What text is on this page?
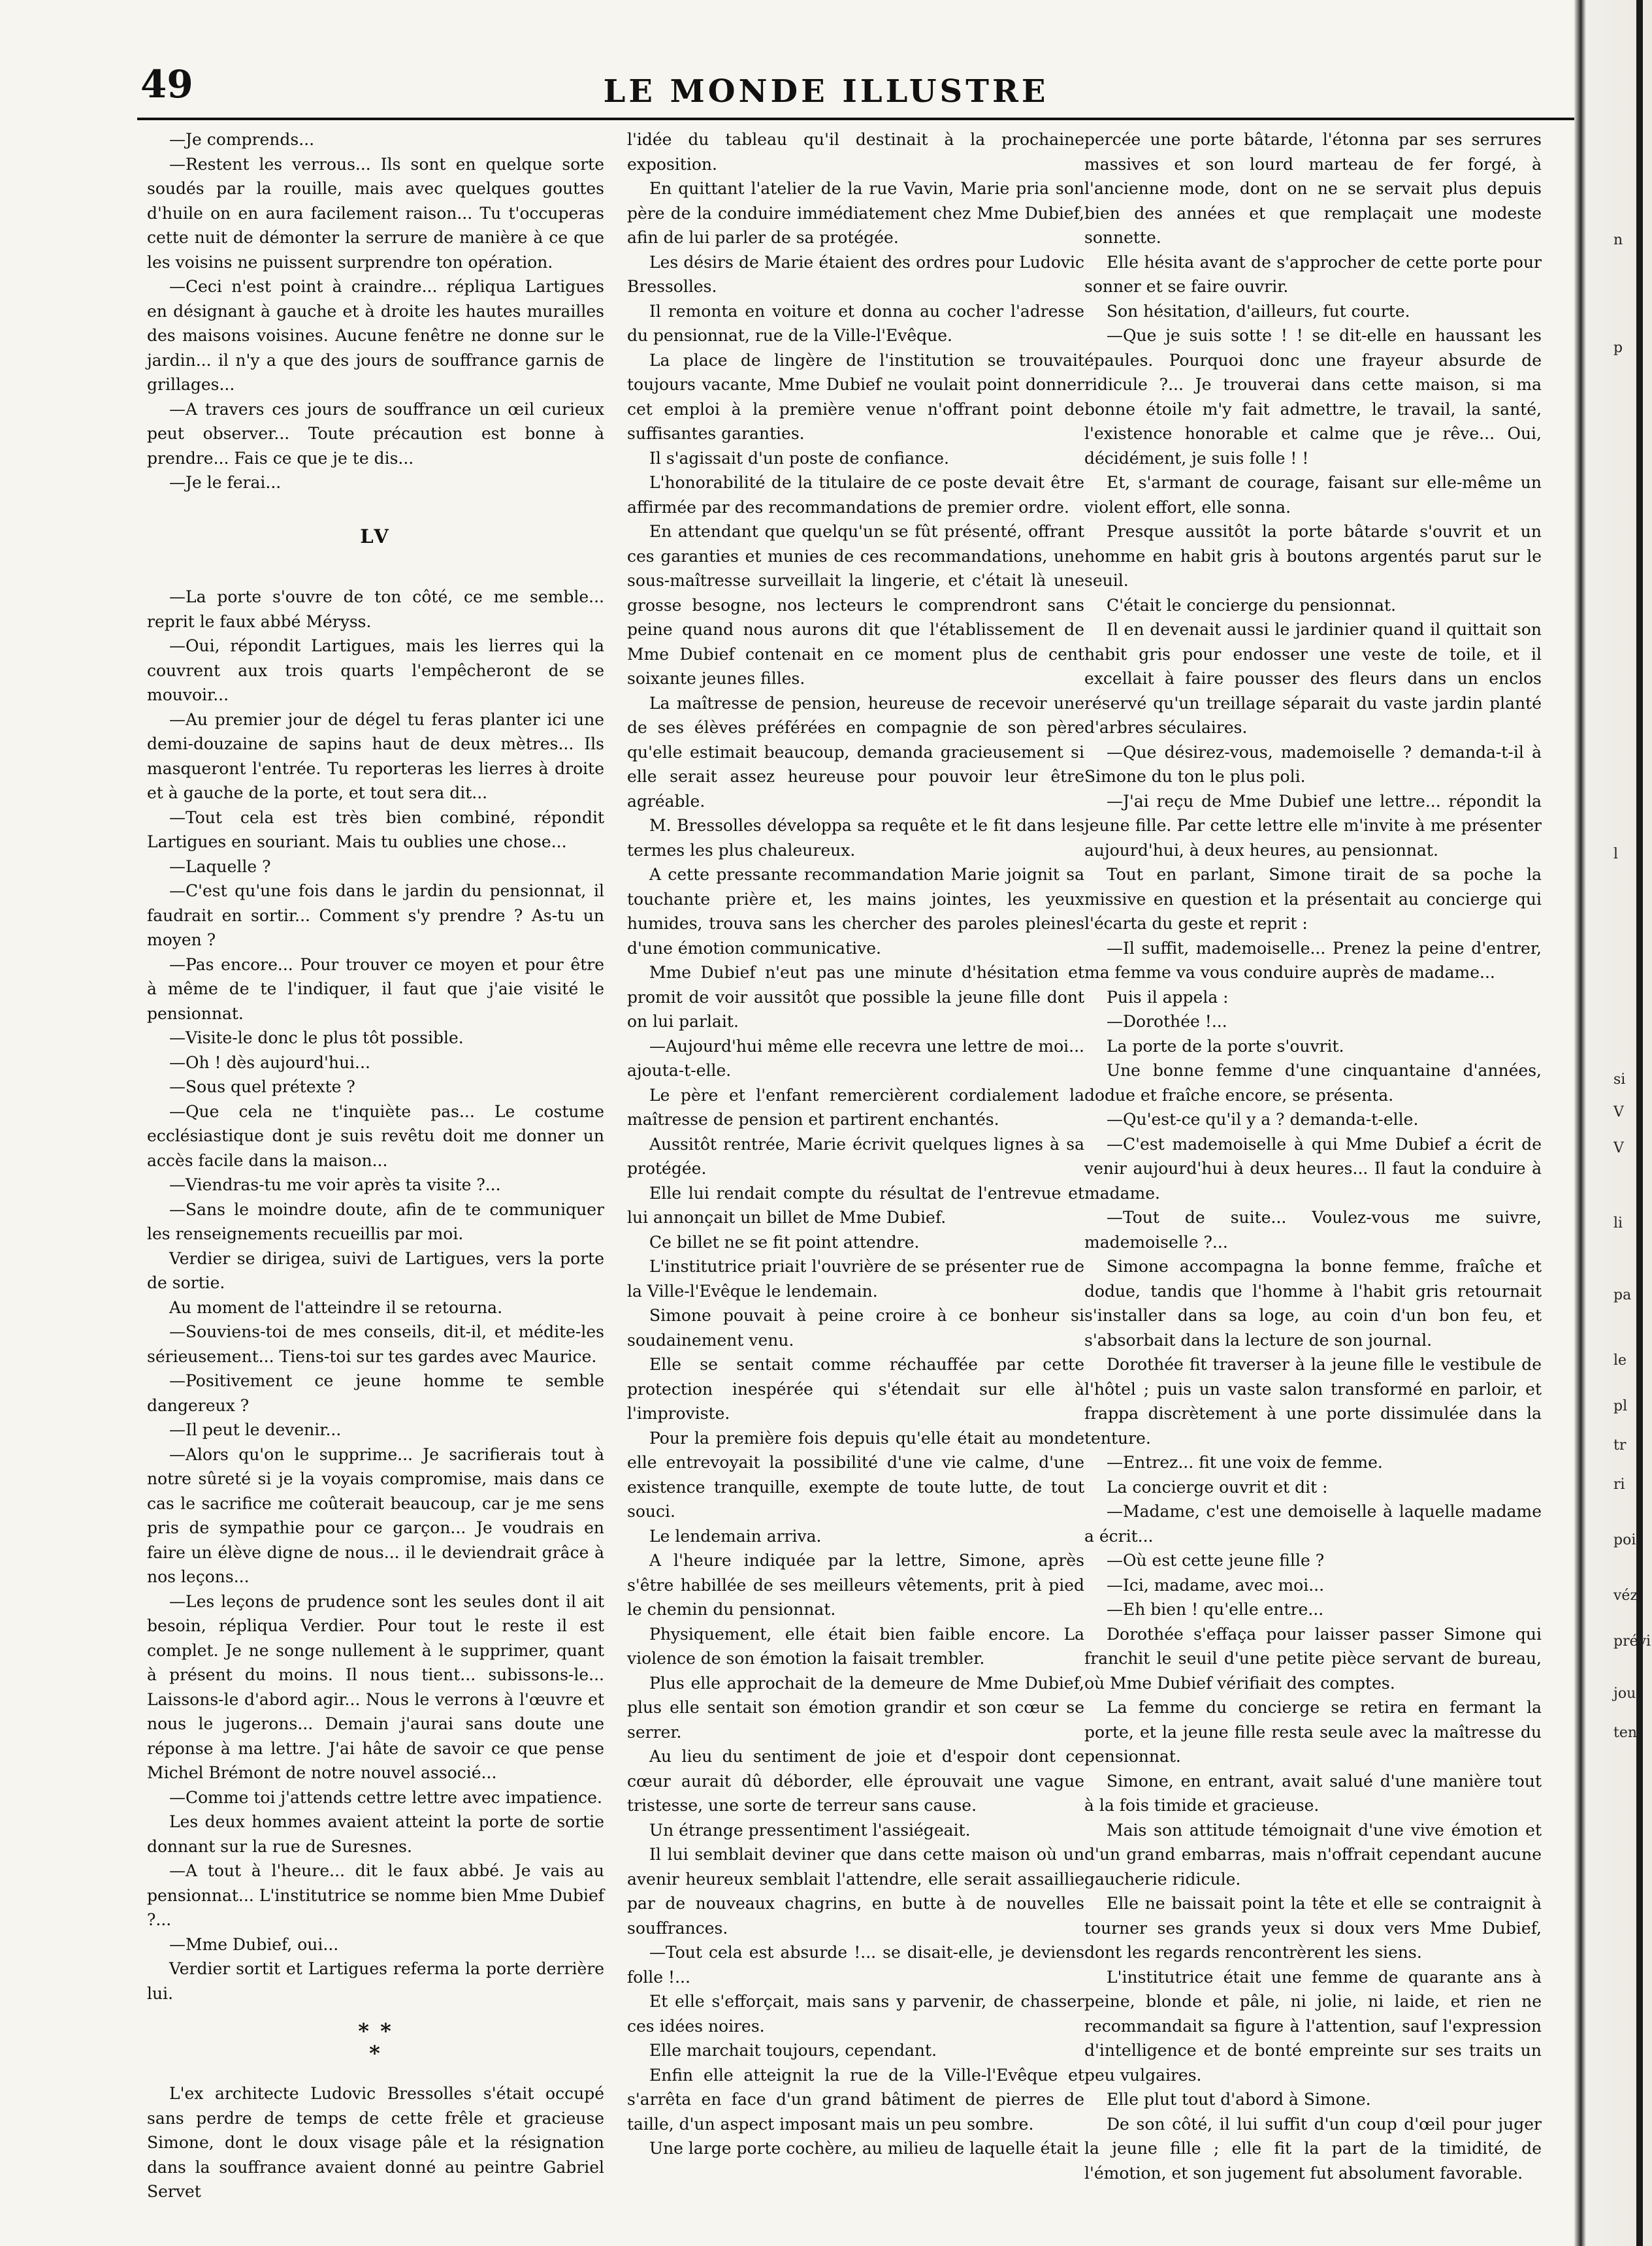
49	LE MONDE ILLUSTRE

—Je comprends...

—Restent les verrous... Ils sont en quelque sorte soudés par la rouille, mais avec quelques gouttes d'huile on en aura facilement raison... Tu t'occuperas cette nuit de démonter la serrure de manière à ce que les voisins ne puissent surprendre ton opération.

—Ceci n'est point à craindre... répliqua Lartigues en désignant à gauche et à droite les hautes murailles des maisons voisines. Aucune fenêtre ne donne sur le jardin... il n'y a que des jours de souffrance garnis de grillages...

—A travers ces jours de souffrance un œil curieux peut observer... Toute précaution est bonne à prendre... Fais ce que je te dis...

—Je le ferai...

LV

—La porte s'ouvre de ton côté, ce me semble... reprit le faux abbé Méryss.

—Oui, répondit Lartigues, mais les lierres qui la couvrent aux trois quarts l'empêcheront de se mouvoir...

—Au premier jour de dégel tu feras planter ici une demi-douzaine de sapins haut de deux mètres... Ils masqueront l'entrée. Tu reporteras les lierres à droite et à gauche de la porte, et tout sera dit...

—Tout cela est très bien combiné, répondit Lartigues en souriant. Mais tu oublies une chose...

—Laquelle ?

—C'est qu'une fois dans le jardin du pensionnat, il faudrait en sortir... Comment s'y prendre ? As-tu un moyen ?

—Pas encore... Pour trouver ce moyen et pour être à même de te l'indiquer, il faut que j'aie visité le pensionnat.

—Visite-le donc le plus tôt possible.

—Oh ! dès aujourd'hui...

—Sous quel prétexte ?

—Que cela ne t'inquiète pas... Le costume ecclésiastique dont je suis revêtu doit me donner un accès facile dans la maison...

—Viendras-tu me voir après ta visite ?...

—Sans le moindre doute, afin de te communiquer les renseignements recueillis par moi.

Verdier se dirigea, suivi de Lartigues, vers la porte de sortie.

Au moment de l'atteindre il se retourna.

—Souviens-toi de mes conseils, dit-il, et médite-les sérieusement... Tiens-toi sur tes gardes avec Maurice.

—Positivement ce jeune homme te semble dangereux ?

—Il peut le devenir...

—Alors qu'on le supprime... Je sacrifierais tout à notre sûreté si je la voyais compromise, mais dans ce cas le sacrifice me coûterait beaucoup, car je me sens pris de sympathie pour ce garçon... Je voudrais en faire un élève digne de nous... il le deviendrait grâce à nos leçons...

—Les leçons de prudence sont les seules dont il ait besoin, répliqua Verdier. Pour tout le reste il est complet. Je ne songe nullement à le supprimer, quant à présent du moins. Il nous tient... subissons-le... Laissons-le d'abord agir... Nous le verrons à l'œuvre et nous le jugerons... Demain j'aurai sans doute une réponse à ma lettre. J'ai hâte de savoir ce que pense Michel Brémont de notre nouvel associé...

—Comme toi j'attends cettre lettre avec impatience.

Les deux hommes avaient atteint la porte de sortie donnant sur la rue de Suresnes.

—A tout à l'heure... dit le faux abbé. Je vais au pensionnat... L'institutrice se nomme bien Mme Dubief ?...

—Mme Dubief, oui...

Verdier sortit et Lartigues referma la porte derrière lui.

* *
*

L'ex architecte Ludovic Bressolles s'était occupé sans perdre de temps de cette frêle et gracieuse Simone, dont le doux visage pâle et la résignation dans la souffrance avaient donné au peintre Gabriel Servet

l'idée du tableau qu'il destinait à la prochaine exposition.

En quittant l'atelier de la rue Vavin, Marie pria son père de la conduire immédiatement chez Mme Dubief, afin de lui parler de sa protégée.

Les désirs de Marie étaient des ordres pour Ludovic Bressolles.

Il remonta en voiture et donna au cocher l'adresse du pensionnat, rue de la Ville-l'Evêque.

La place de lingère de l'institution se trouvait toujours vacante, Mme Dubief ne voulait point donner cet emploi à la première venue n'offrant point de suffisantes garanties.

Il s'agissait d'un poste de confiance.

L'honorabilité de la titulaire de ce poste devait être affirmée par des recommandations de premier ordre.

En attendant que quelqu'un se fût présenté, offrant ces garanties et munies de ces recommandations, une sous-maîtresse surveillait la lingerie, et c'était là une grosse besogne, nos lecteurs le comprendront sans peine quand nous aurons dit que l'établissement de Mme Dubief contenait en ce moment plus de cent soixante jeunes filles.

La maîtresse de pension, heureuse de recevoir une de ses élèves préférées en compagnie de son père qu'elle estimait beaucoup, demanda gracieusement si elle serait assez heureuse pour pouvoir leur être agréable.

M. Bressolles développa sa requête et le fit dans les termes les plus chaleureux.

A cette pressante recommandation Marie joignit sa touchante prière et, les mains jointes, les yeux humides, trouva sans les chercher des paroles pleines d'une émotion communicative.

Mme Dubief n'eut pas une minute d'hésitation et promit de voir aussitôt que possible la jeune fille dont on lui parlait.

—Aujourd'hui même elle recevra une lettre de moi... ajouta-t-elle.

Le père et l'enfant remercièrent cordialement la maîtresse de pension et partirent enchantés.

Aussitôt rentrée, Marie écrivit quelques lignes à sa protégée.

Elle lui rendait compte du résultat de l'entrevue et lui annonçait un billet de Mme Dubief.

Ce billet ne se fit point attendre.

L'institutrice priait l'ouvrière de se présenter rue de la Ville-l'Evêque le lendemain.

Simone pouvait à peine croire à ce bonheur si soudainement venu.

Elle se sentait comme réchauffée par cette protection inespérée qui s'étendait sur elle à l'improviste.

Pour la première fois depuis qu'elle était au monde elle entrevoyait la possibilité d'une vie calme, d'une existence tranquille, exempte de toute lutte, de tout souci.

Le lendemain arriva.

A l'heure indiquée par la lettre, Simone, après s'être habillée de ses meilleurs vêtements, prit à pied le chemin du pensionnat.

Physiquement, elle était bien faible encore. La violence de son émotion la faisait trembler.

Plus elle approchait de la demeure de Mme Dubief, plus elle sentait son émotion grandir et son cœur se serrer.

Au lieu du sentiment de joie et d'espoir dont ce cœur aurait dû déborder, elle éprouvait une vague tristesse, une sorte de terreur sans cause.

Un étrange pressentiment l'assiégeait.

Il lui semblait deviner que dans cette maison où un avenir heureux semblait l'attendre, elle serait assaillie par de nouveaux chagrins, en butte à de nouvelles souffrances.

—Tout cela est absurde !... se disait-elle, je deviens folle !...

Et elle s'efforçait, mais sans y parvenir, de chasser ces idées noires.

Elle marchait toujours, cependant.

Enfin elle atteignit la rue de la Ville-l'Evêque et s'arrêta en face d'un grand bâtiment de pierres de taille, d'un aspect imposant mais un peu sombre.

Une large porte cochère, au milieu de laquelle était

percée une porte bâtarde, l'étonna par ses serrures massives et son lourd marteau de fer forgé, à l'ancienne mode, dont on ne se servait plus depuis bien des années et que remplaçait une modeste sonnette.

Elle hésita avant de s'approcher de cette porte pour sonner et se faire ouvrir.

Son hésitation, d'ailleurs, fut courte.

—Que je suis sotte ! ! se dit-elle en haussant les épaules. Pourquoi donc une frayeur absurde de ridicule ?... Je trouverai dans cette maison, si ma bonne étoile m'y fait admettre, le travail, la santé, l'existence honorable et calme que je rêve... Oui, décidément, je suis folle ! !

Et, s'armant de courage, faisant sur elle-même un violent effort, elle sonna.

Presque aussitôt la porte bâtarde s'ouvrit et un homme en habit gris à boutons argentés parut sur le seuil.

C'était le concierge du pensionnat.

Il en devenait aussi le jardinier quand il quittait son habit gris pour endosser une veste de toile, et il excellait à faire pousser des fleurs dans un enclos réservé qu'un treillage séparait du vaste jardin planté d'arbres séculaires.

—Que désirez-vous, mademoiselle ? demanda-t-il à Simone du ton le plus poli.

—J'ai reçu de Mme Dubief une lettre... répondit la jeune fille. Par cette lettre elle m'invite à me présenter aujourd'hui, à deux heures, au pensionnat.

Tout en parlant, Simone tirait de sa poche la missive en question et la présentait au concierge qui l'écarta du geste et reprit :

—Il suffit, mademoiselle... Prenez la peine d'entrer, ma femme va vous conduire auprès de madame...

Puis il appela :

—Dorothée !...

La porte de la porte s'ouvrit.

Une bonne femme d'une cinquantaine d'années, dodue et fraîche encore, se présenta.

—Qu'est-ce qu'il y a ? demanda-t-elle.

—C'est mademoiselle à qui Mme Dubief a écrit de venir aujourd'hui à deux heures... Il faut la conduire à madame.

—Tout de suite... Voulez-vous me suivre, mademoiselle ?...

Simone accompagna la bonne femme, fraîche et dodue, tandis que l'homme à l'habit gris retournait s'installer dans sa loge, au coin d'un bon feu, et s'absorbait dans la lecture de son journal.

Dorothée fit traverser à la jeune fille le vestibule de l'hôtel ; puis un vaste salon transformé en parloir, et frappa discrètement à une porte dissimulée dans la tenture.

—Entrez... fit une voix de femme.

La concierge ouvrit et dit :

—Madame, c'est une demoiselle à laquelle madame a écrit...

—Où est cette jeune fille ?

—Ici, madame, avec moi...

—Eh bien ! qu'elle entre...

Dorothée s'effaça pour laisser passer Simone qui franchit le seuil d'une petite pièce servant de bureau, où Mme Dubief vérifiait des comptes.

La femme du concierge se retira en fermant la porte, et la jeune fille resta seule avec la maîtresse du pensionnat.

Simone, en entrant, avait salué d'une manière tout à la fois timide et gracieuse.

Mais son attitude témoignait d'une vive émotion et d'un grand embarras, mais n'offrait cependant aucune gaucherie ridicule.

Elle ne baissait point la tête et elle se contraignit à tourner ses grands yeux si doux vers Mme Dubief, dont les regards rencontrèrent les siens.

L'institutrice était une femme de quarante ans à peine, blonde et pâle, ni jolie, ni laide, et rien ne recommandait sa figure à l'attention, sauf l'expression d'intelligence et de bonté empreinte sur ses traits un peu vulgaires.

Elle plut tout d'abord à Simone.

De son côté, il lui suffit d'un coup d'œil pour juger la jeune fille ; elle fit la part de la timidité, de l'émotion, et son jugement fut absolument favorable.

n
p
l
si
V
V
li
pa
le
pl
tr
ri
poi
véz
prévi
jou
ten
